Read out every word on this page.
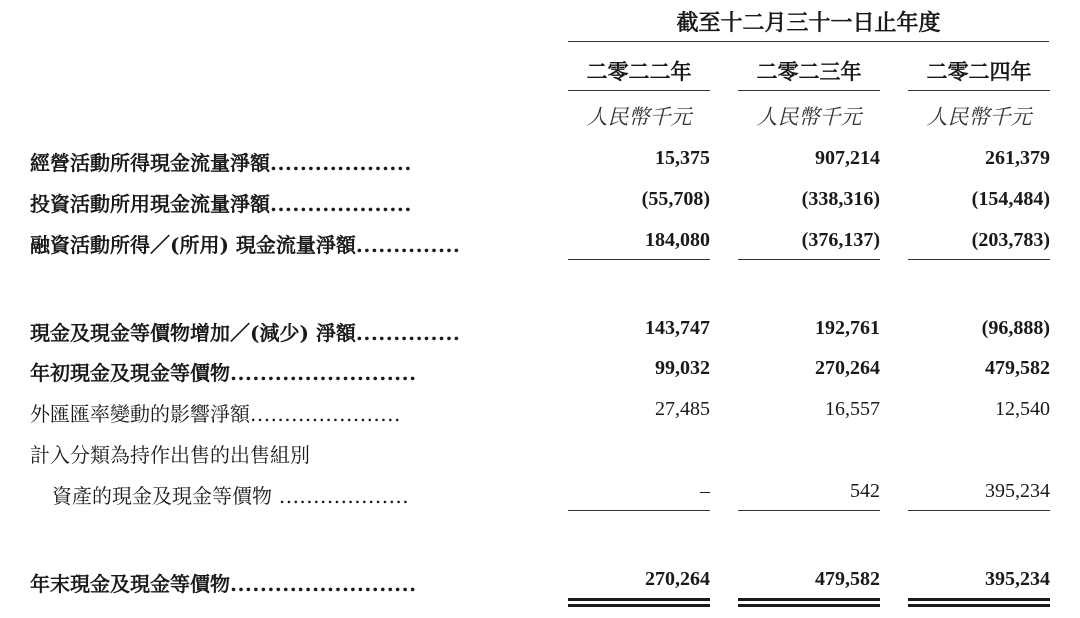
截至十二月三十一日止年度
二零二二年	二零二三年	二零二四年
人民幣千元	人民幣千元	人民幣千元
經營活動所得現金流量淨額...................	15,375	907,214	261,379
投資活動所用現金流量淨額...................	(55,708)	(338,316)	(154,484)
融資活動所得／(所用) 現金流量淨額..............	184,080	(376,137)	(203,783)
現金及現金等價物增加／(減少) 淨額..............	143,747	192,761	(96,888)
年初現金及現金等價物.........................	99,032	270,264	479,582
外匯匯率變動的影響淨額......................	27,485	16,557	12,540
計入分類為持作出售的出售組別
資產的現金及現金等價物 ...................	–	542	395,234
年末現金及現金等價物.........................	270,264	479,582	395,234
